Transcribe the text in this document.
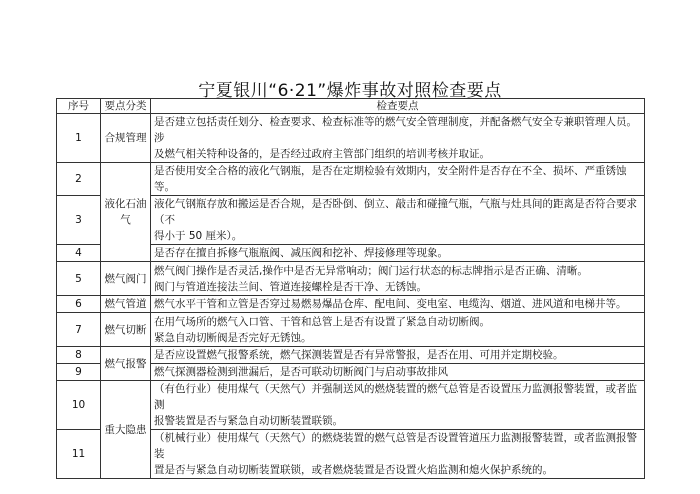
宁夏银川“6·21”爆炸事故对照检查要点
序号	要点分类	检查要点
1	合规管理	是否建立包括责任划分、检查要求、检查标准等的燃气安全管理制度，并配备燃气安全专兼职管理人员。涉
及燃气相关特种设备的，是否经过政府主管部门组织的培训考核并取证。

2	液化石油气	是否使用安全合格的液化气钢瓶，是否在定期检验有效期内，安全附件是否存在不全、损坏、严重锈蚀等。

3		液化气钢瓶存放和搬运是否合规，是否卧倒、倒立、敲击和碰撞气瓶，气瓶与灶具间的距离是否符合要求（不
得小于 50 厘米）。

4		是否存在擅自拆修气瓶瓶阀、减压阀和挖补、焊接修理等现象。

5	燃气阀门	燃气阀门操作是否灵活,操作中是否无异常响动；阀门运行状态的标志牌指示是否正确、清晰。
阀门与管道连接法兰间、管道连接螺栓是否干净、无锈蚀。

6	燃气管道	燃气水平干管和立管是否穿过易燃易爆品仓库、配电间、变电室、电缆沟、烟道、进风道和电梯井等。

7	燃气切断	在用气场所的燃气入口管、干管和总管上是否有设置了紧急自动切断阀。
紧急自动切断阀是否完好无锈蚀。

8	燃气报警	是否应设置燃气报警系统，燃气探测装置是否有异常警报，是否在用、可用并定期校验。

9		燃气探测器检测到泄漏后，是否可联动切断阀门与启动事故排风

10	重大隐患	（有色行业）使用煤气（天然气）并强制送风的燃烧装置的燃气总管是否设置压力监测报警装置，或者监测
报警装置是否与紧急自动切断装置联锁。

11		（机械行业）使用煤气（天然气）的燃烧装置的燃气总管是否设置管道压力监测报警装置，或者监测报警装
置是否与紧急自动切断装置联锁，或者燃烧装置是否设置火焰监测和熄火保护系统的。
